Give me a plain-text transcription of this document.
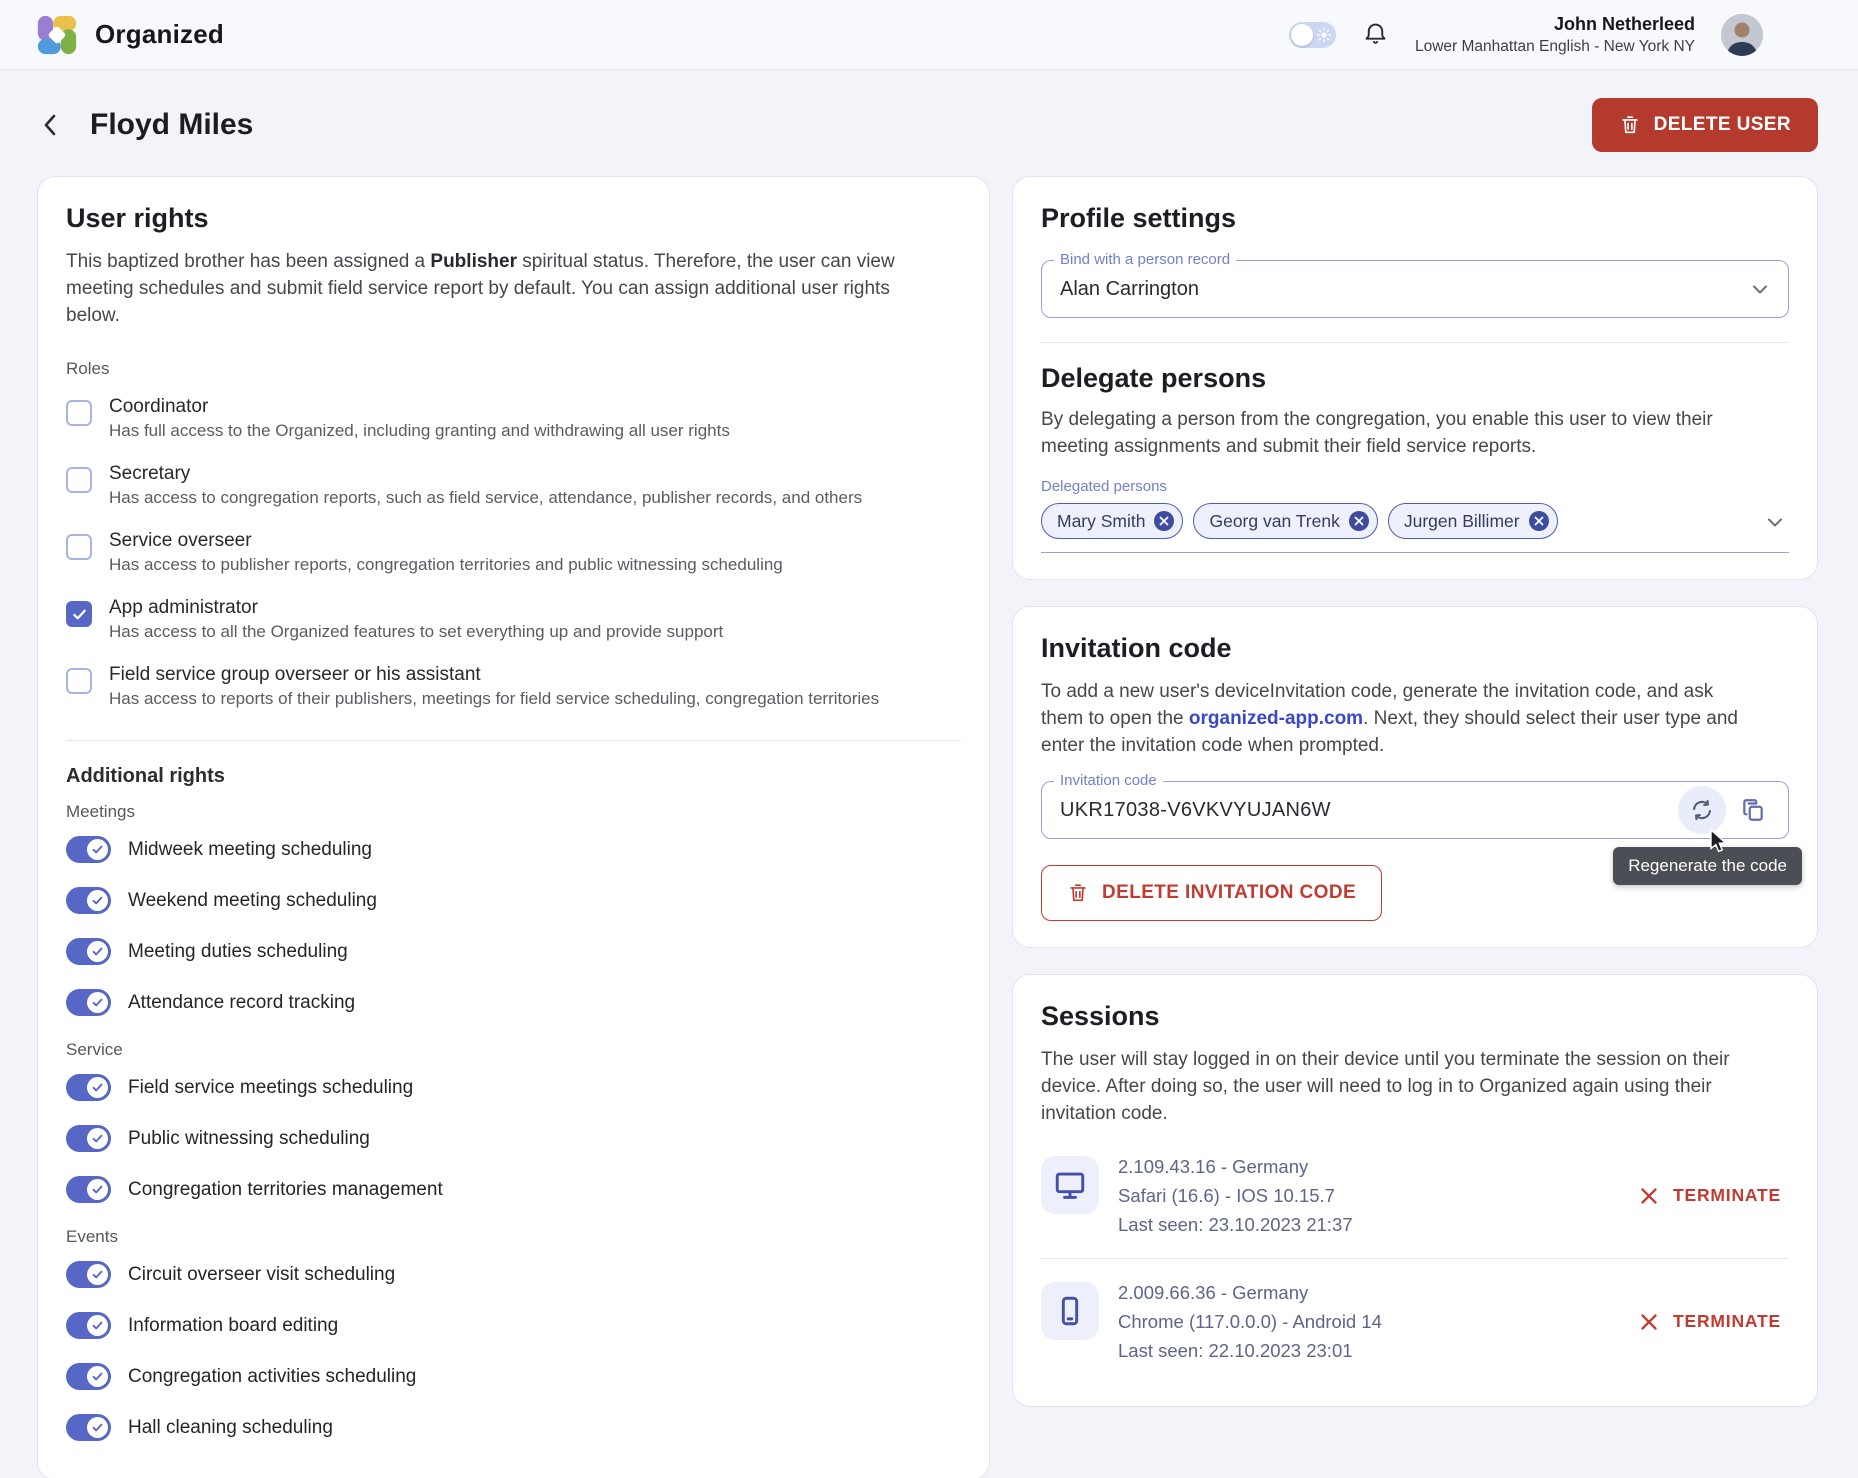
Organized	John Netherleed
Lower Manhattan English - New York NY
Floyd Miles	DELETE USER
User rights

This baptized brother has been assigned a Publisher spiritual status. Therefore, the user can view meeting schedules and submit field service report by default. You can assign additional user rights below.

Roles
Coordinator
Has full access to the Organized, including granting and withdrawing all user rights
Secretary
Has access to congregation reports, such as field service, attendance, publisher records, and others
Service overseer
Has access to publisher reports, congregation territories and public witnessing scheduling
App administrator
Has access to all the Organized features to set everything up and provide support
Field service group overseer or his assistant
Has access to reports of their publishers, meetings for field service scheduling, congregation territories
Additional rights
Meetings
Midweek meeting scheduling
Weekend meeting scheduling
Meeting duties scheduling
Attendance record tracking
Service
Field service meetings scheduling
Public witnessing scheduling
Congregation territories management
Events
Circuit overseer visit scheduling
Information board editing
Congregation activities scheduling
Hall cleaning scheduling
Profile settings
Bind with a person record
Alan Carrington
Delegate persons

By delegating a person from the congregation, you enable this user to view their meeting assignments and submit their field service reports.

Delegated persons
Mary Smith	Georg van Trenk	Jurgen Billimer
Invitation code

To add a new user's deviceInvitation code, generate the invitation code, and ask them to open the organized-app.com. Next, they should select their user type and enter the invitation code when prompted.

Invitation code
UKR17038-V6VKVYUJAN6W
Regenerate the code
DELETE INVITATION CODE
Sessions

The user will stay logged in on their device until you terminate the session on their device. After doing so, the user will need to log in to Organized again using their invitation code.

2.109.43.16 - Germany
Safari (16.6) - IOS 10.15.7
Last seen: 23.10.2023 21:37
TERMINATE
2.009.66.36 - Germany
Chrome (117.0.0.0) - Android 14
Last seen: 22.10.2023 23:01
TERMINATE
